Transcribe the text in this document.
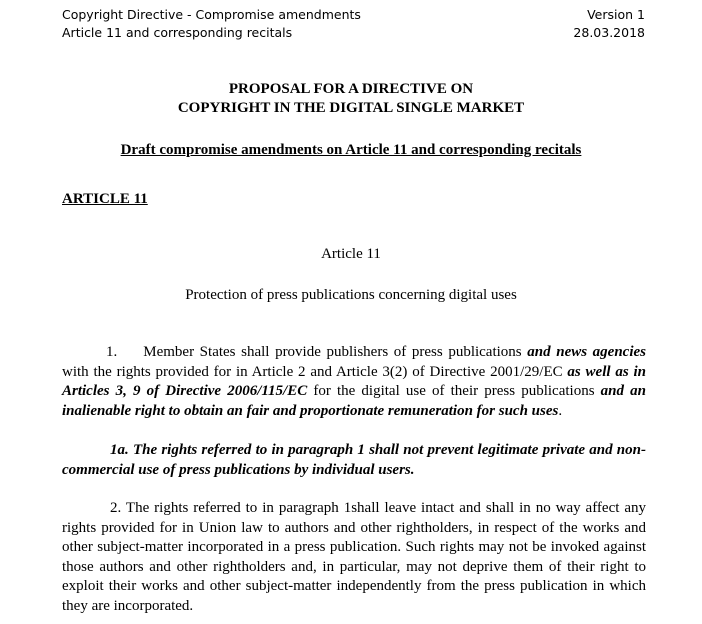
Copyright Directive - Compromise amendments
Article 11 and corresponding recitals
Version 1
28.03.2018
PROPOSAL FOR A DIRECTIVE ON
COPYRIGHT IN THE DIGITAL SINGLE MARKET
Draft compromise amendments on Article 11 and corresponding recitals
ARTICLE 11
Article 11
Protection of press publications concerning digital uses
1. Member States shall provide publishers of press publications and news agencies with the rights provided for in Article 2 and Article 3(2) of Directive 2001/29/EC as well as in Articles 3, 9 of Directive 2006/115/EC for the digital use of their press publications and an inalienable right to obtain an fair and proportionate remuneration for such uses.
1a. The rights referred to in paragraph 1 shall not prevent legitimate private and non-commercial use of press publications by individual users.
2. The rights referred to in paragraph 1shall leave intact and shall in no way affect any rights provided for in Union law to authors and other rightholders, in respect of the works and other subject-matter incorporated in a press publication. Such rights may not be invoked against those authors and other rightholders and, in particular, may not deprive them of their right to exploit their works and other subject-matter independently from the press publication in which they are incorporated.
